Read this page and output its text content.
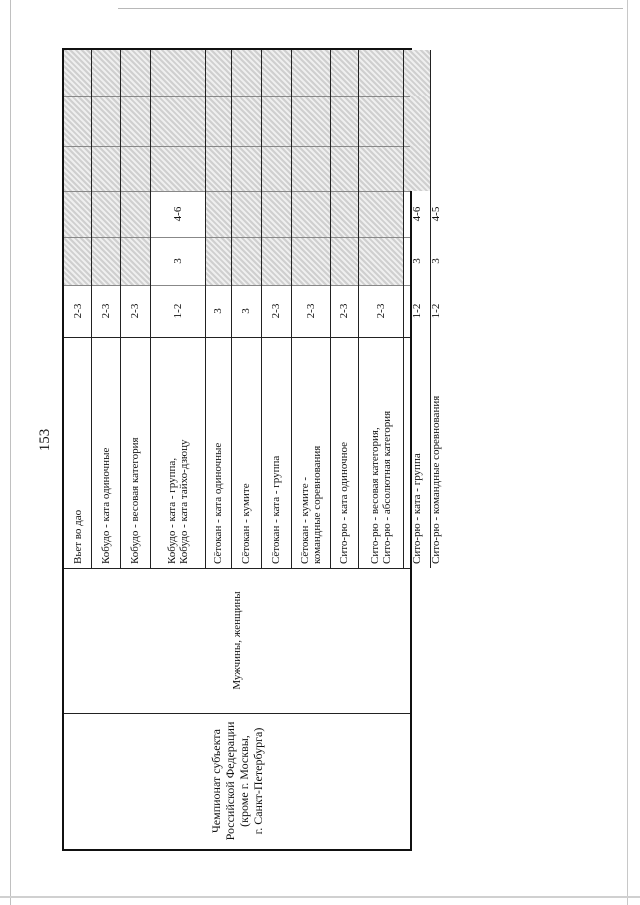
153
Вьет во дао
2-3
Кобудо - ката одиночные
2-3
Кобудо - весовая категория
2-3
Кобудо - ката - группа, Кобудо - ката тайхо-дзюцу
1-2
3
4-6
Сётокан - ката одиночные
3
Сётокан - кумите
3
Сётокан - ката - группа
2-3
Сётокан - кумите - командные соревнования
2-3
Сито-рю - ката одиночное
2-3
Сито-рю - весовая категория, Сито-рю - абсолютная категория
2-3
Сито-рю - ката - группа
1-2
3
4-6
Сито-рю - командные соревнования
1-2
3
4-5
Мужчины, женщины
Чемпионат субъекта Российской Федерации (кроме г. Москвы, г. Санкт-Петербурга)
